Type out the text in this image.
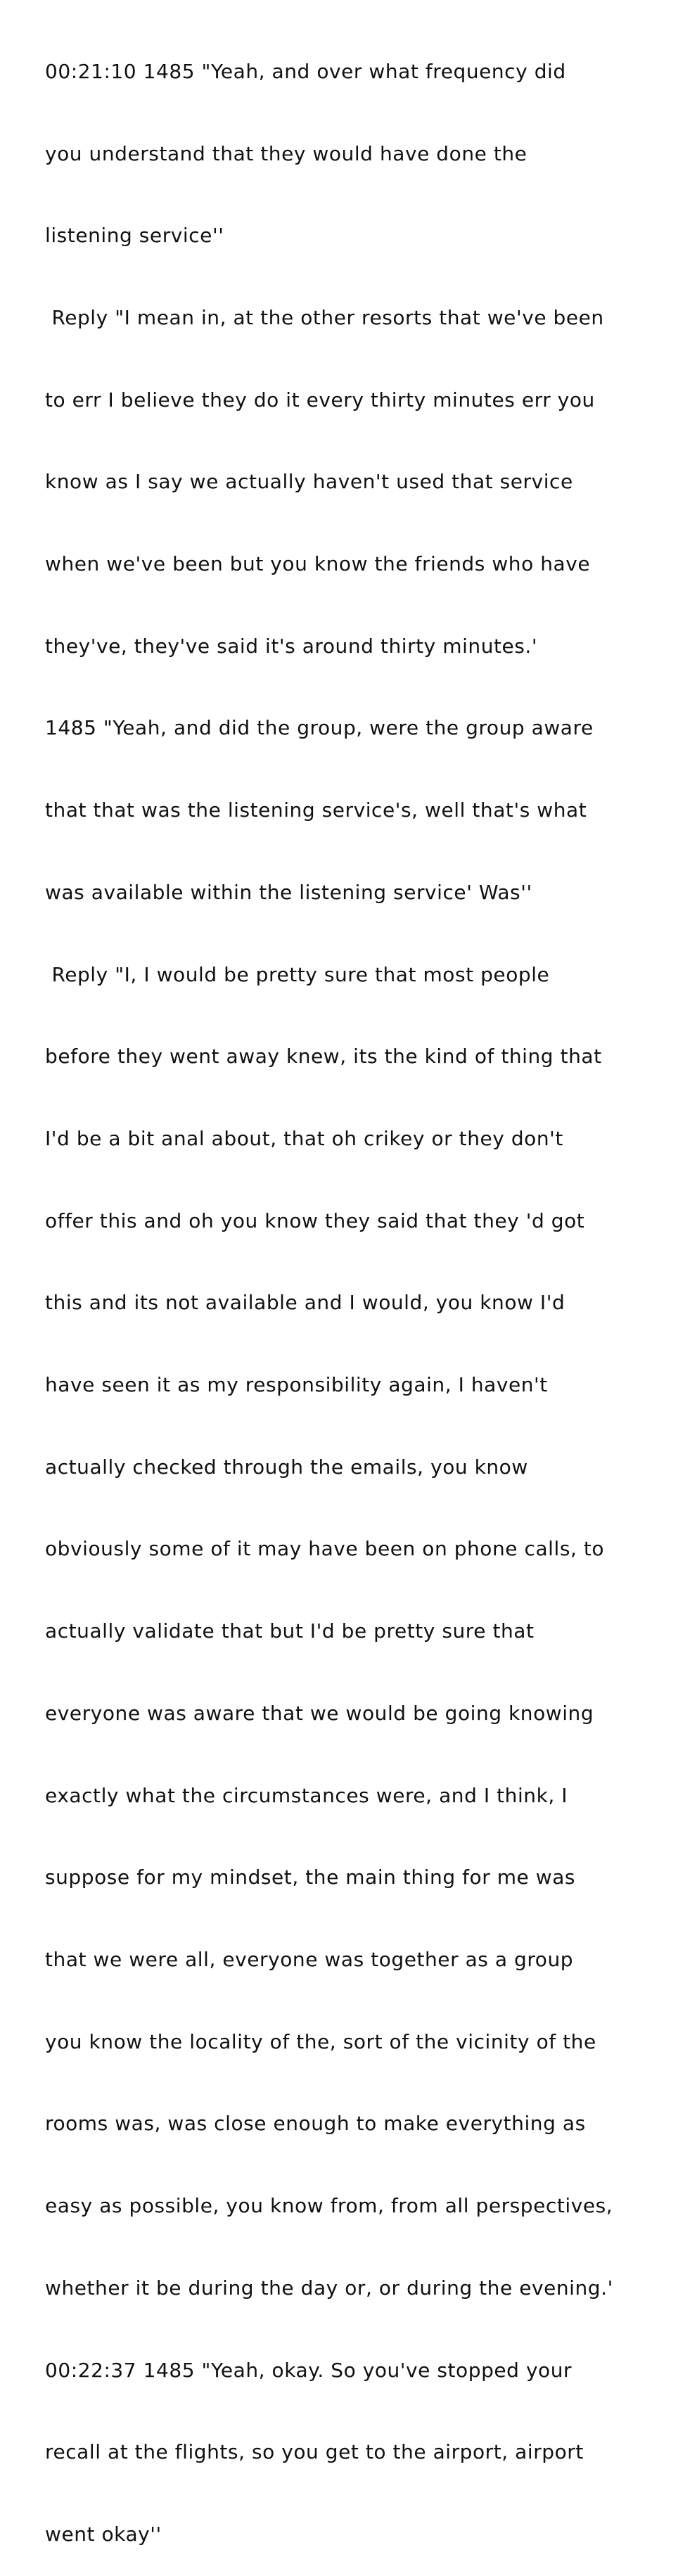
00:21:10 1485 "Yeah, and over what frequency did

you understand that they would have done the

listening service''

Reply "I mean in, at the other resorts that we've been

to err I believe they do it every thirty minutes err you

know as I say we actually haven't used that service

when we've been but you know the friends who have

they've, they've said it's around thirty minutes.'

1485 "Yeah, and did the group, were the group aware

that that was the listening service's, well that's what

was available within the listening service' Was''

Reply "I, I would be pretty sure that most people

before they went away knew, its the kind of thing that

I'd be a bit anal about, that oh crikey or they don't

offer this and oh you know they said that they 'd got

this and its not available and I would, you know I'd

have seen it as my responsibility again, I haven't

actually checked through the emails, you know

obviously some of it may have been on phone calls, to

actually validate that but I'd be pretty sure that

everyone was aware that we would be going knowing

exactly what the circumstances were, and I think, I

suppose for my mindset, the main thing for me was

that we were all, everyone was together as a group

you know the locality of the, sort of the vicinity of the

rooms was, was close enough to make everything as

easy as possible, you know from, from all perspectives,

whether it be during the day or, or during the evening.'

00:22:37 1485 "Yeah, okay. So you've stopped your

recall at the flights, so you get to the airport, airport

went okay''
